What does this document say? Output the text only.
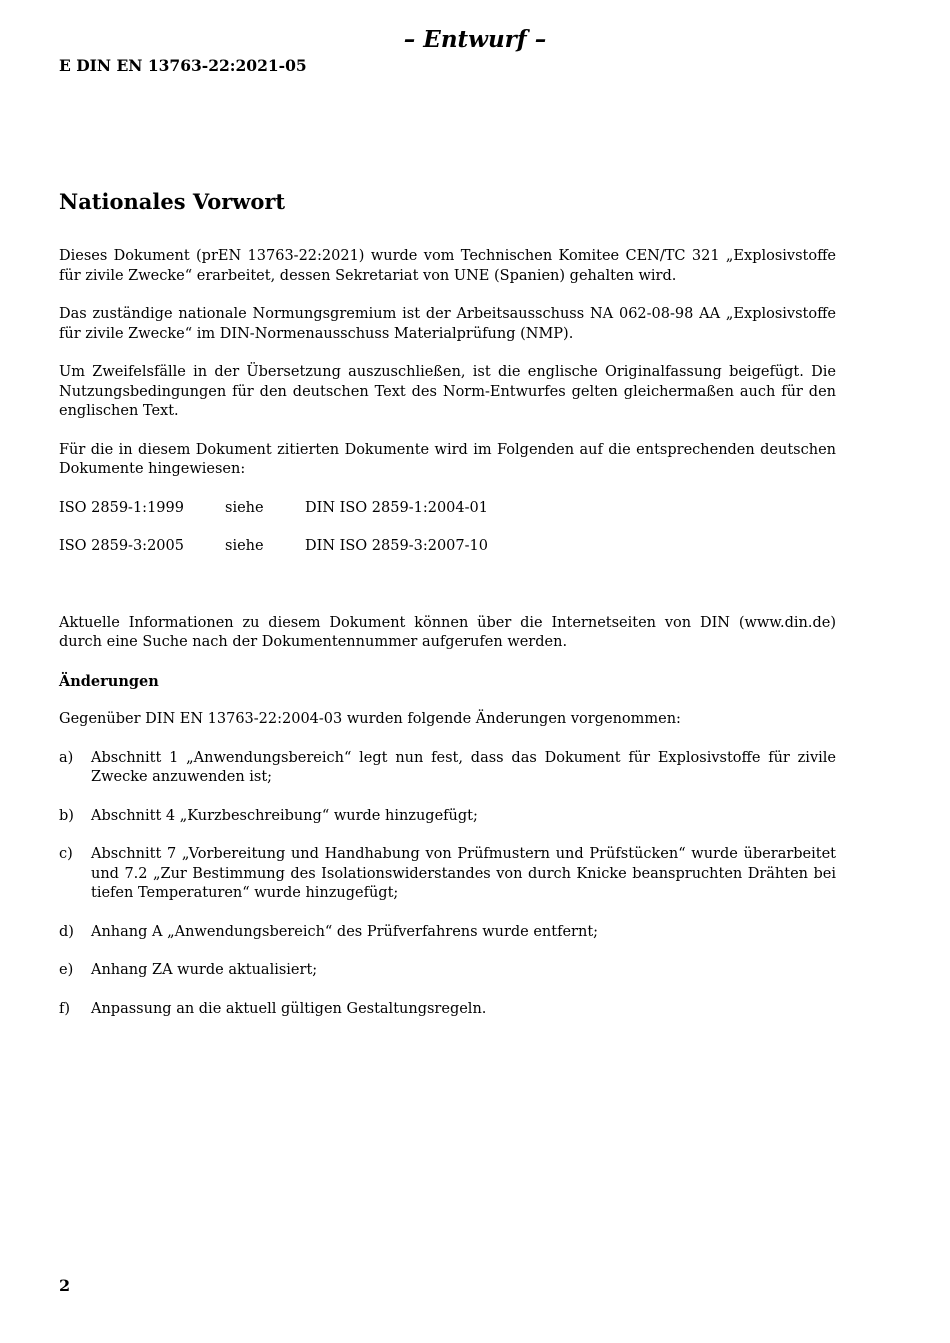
– Entwurf –
E DIN EN 13763-22:2021-05
Nationales Vorwort

Dieses Dokument (prEN 13763-22:2021) wurde vom Technischen Komitee CEN/TC 321 „Explosivstoffe für zivile Zwecke“ erarbeitet, dessen Sekretariat von UNE (Spanien) gehalten wird.

Das zuständige nationale Normungsgremium ist der Arbeitsausschuss NA 062-08-98 AA „Explosivstoffe für zivile Zwecke“ im DIN-Normenausschuss Materialprüfung (NMP).

Um Zweifelsfälle in der Übersetzung auszuschließen, ist die englische Originalfassung beigefügt. Die Nutzungsbedingungen für den deutschen Text des Norm-Entwurfes gelten gleichermaßen auch für den englischen Text.

Für die in diesem Dokument zitierten Dokumente wird im Folgenden auf die entsprechenden deutschen Dokumente hingewiesen:

ISO 2859-1:1999	siehe	DIN ISO 2859-1:2004-01
ISO 2859-3:2005	siehe	DIN ISO 2859-3:2007-10

Aktuelle Informationen zu diesem Dokument können über die Internetseiten von DIN (www.din.de) durch eine Suche nach der Dokumentennummer aufgerufen werden.

Änderungen

Gegenüber DIN EN 13763-22:2004-03 wurden folgende Änderungen vorgenommen:

a)	Abschnitt 1 „Anwendungsbereich“ legt nun fest, dass das Dokument für Explosivstoffe für zivile Zwecke anzuwenden ist;
b)	Abschnitt 4 „Kurzbeschreibung“ wurde hinzugefügt;
c)	Abschnitt 7 „Vorbereitung und Handhabung von Prüfmustern und Prüfstücken“ wurde überarbeitet und 7.2 „Zur Bestimmung des Isolationswiderstandes von durch Knicke beanspruchten Drähten bei tiefen Temperaturen“ wurde hinzugefügt;
d)	Anhang A „Anwendungsbereich“ des Prüfverfahrens wurde entfernt;
e)	Anhang ZA wurde aktualisiert;
f)	Anpassung an die aktuell gültigen Gestaltungsregeln.
2
